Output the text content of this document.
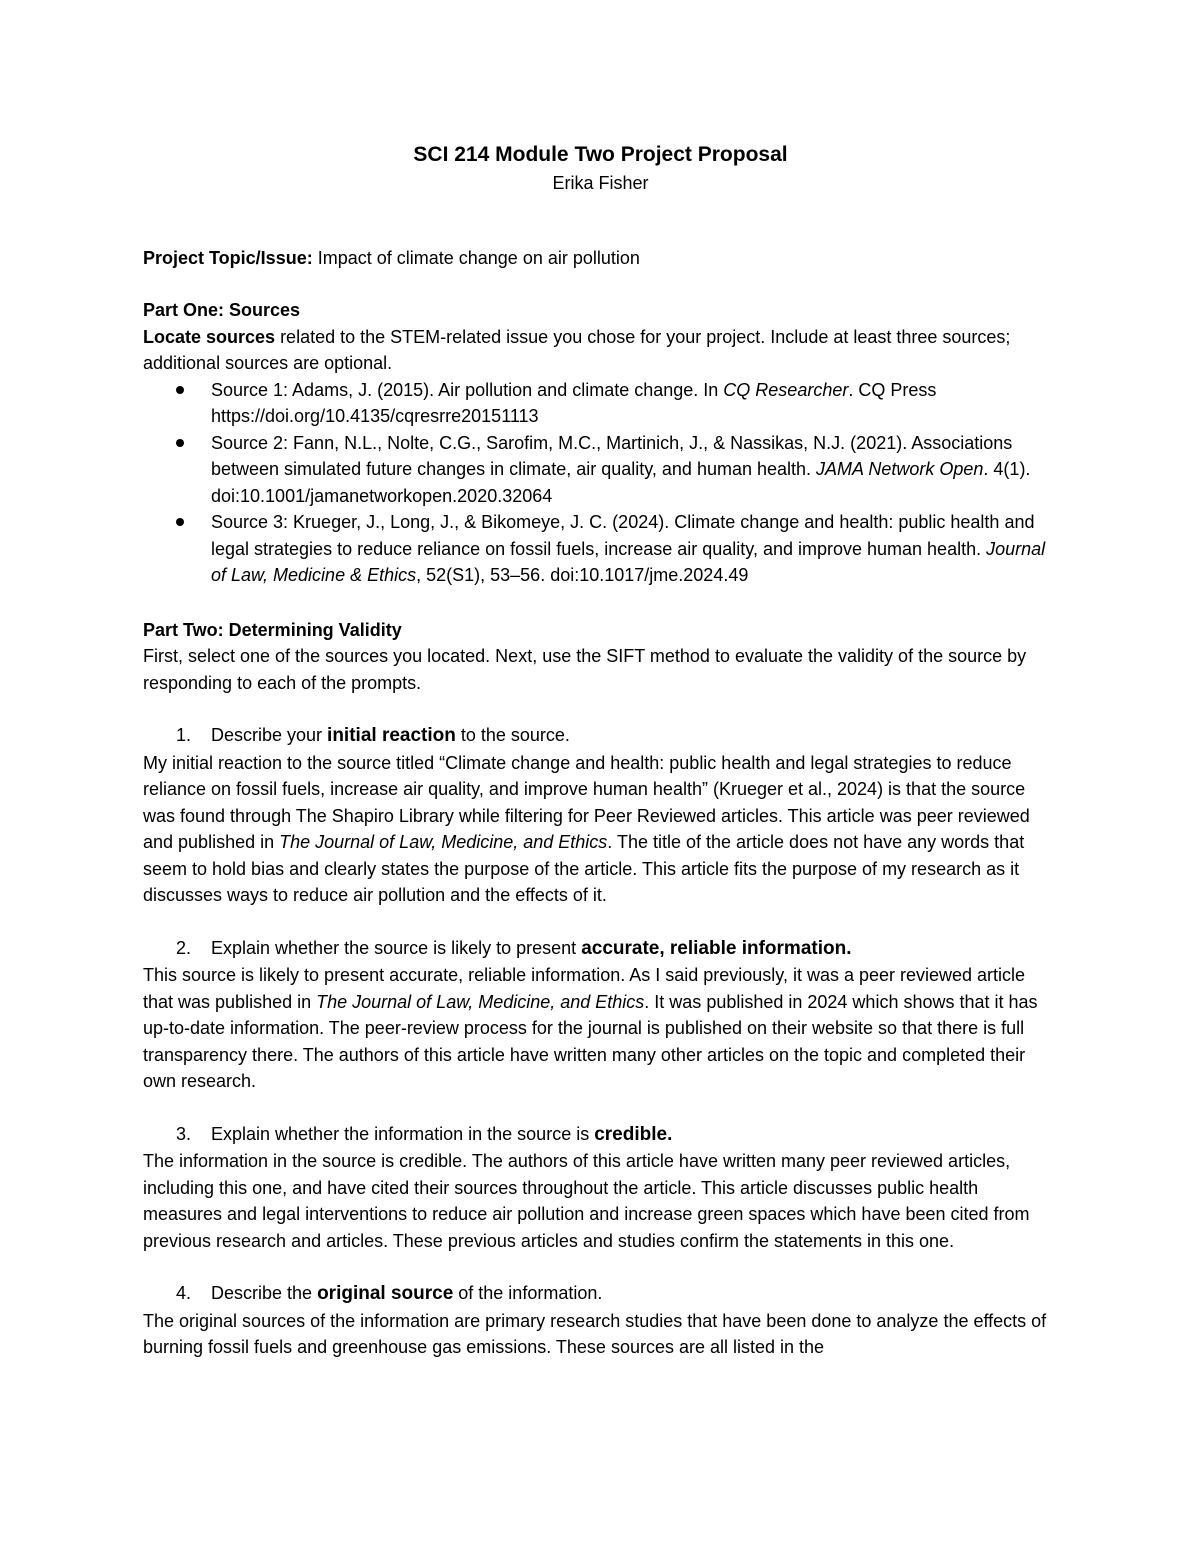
SCI 214 Module Two Project Proposal

Erika Fisher

Project Topic/Issue: Impact of climate change on air pollution

Part One: Sources

Locate sources related to the STEM-related issue you chose for your project. Include at least three sources; additional sources are optional.

Source 1: Adams, J. (2015). Air pollution and climate change. In CQ Researcher. CQ Press https://doi.org/10.4135/cqresrre20151113
Source 2: Fann, N.L., Nolte, C.G., Sarofim, M.C., Martinich, J., & Nassikas, N.J. (2021). Associations between simulated future changes in climate, air quality, and human health. JAMA Network Open. 4(1). doi:10.1001/jamanetworkopen.2020.32064
Source 3: Krueger, J., Long, J., & Bikomeye, J. C. (2024). Climate change and health: public health and legal strategies to reduce reliance on fossil fuels, increase air quality, and improve human health. Journal of Law, Medicine & Ethics, 52(S1), 53–56. doi:10.1017/jme.2024.49

Part Two: Determining Validity

First, select one of the sources you located. Next, use the SIFT method to evaluate the validity of the source by responding to each of the prompts.

1. Describe your initial reaction to the source.

My initial reaction to the source titled “Climate change and health: public health and legal strategies to reduce reliance on fossil fuels, increase air quality, and improve human health” (Krueger et al., 2024) is that the source was found through The Shapiro Library while filtering for Peer Reviewed articles. This article was peer reviewed and published in The Journal of Law, Medicine, and Ethics. The title of the article does not have any words that seem to hold bias and clearly states the purpose of the article. This article fits the purpose of my research as it discusses ways to reduce air pollution and the effects of it.

2. Explain whether the source is likely to present accurate, reliable information.

This source is likely to present accurate, reliable information. As I said previously, it was a peer reviewed article that was published in The Journal of Law, Medicine, and Ethics. It was published in 2024 which shows that it has up-to-date information. The peer-review process for the journal is published on their website so that there is full transparency there. The authors of this article have written many other articles on the topic and completed their own research.

3. Explain whether the information in the source is credible.

The information in the source is credible. The authors of this article have written many peer reviewed articles, including this one, and have cited their sources throughout the article. This article discusses public health measures and legal interventions to reduce air pollution and increase green spaces which have been cited from previous research and articles. These previous articles and studies confirm the statements in this one.

4. Describe the original source of the information.

The original sources of the information are primary research studies that have been done to analyze the effects of burning fossil fuels and greenhouse gas emissions. These sources are all listed in the
